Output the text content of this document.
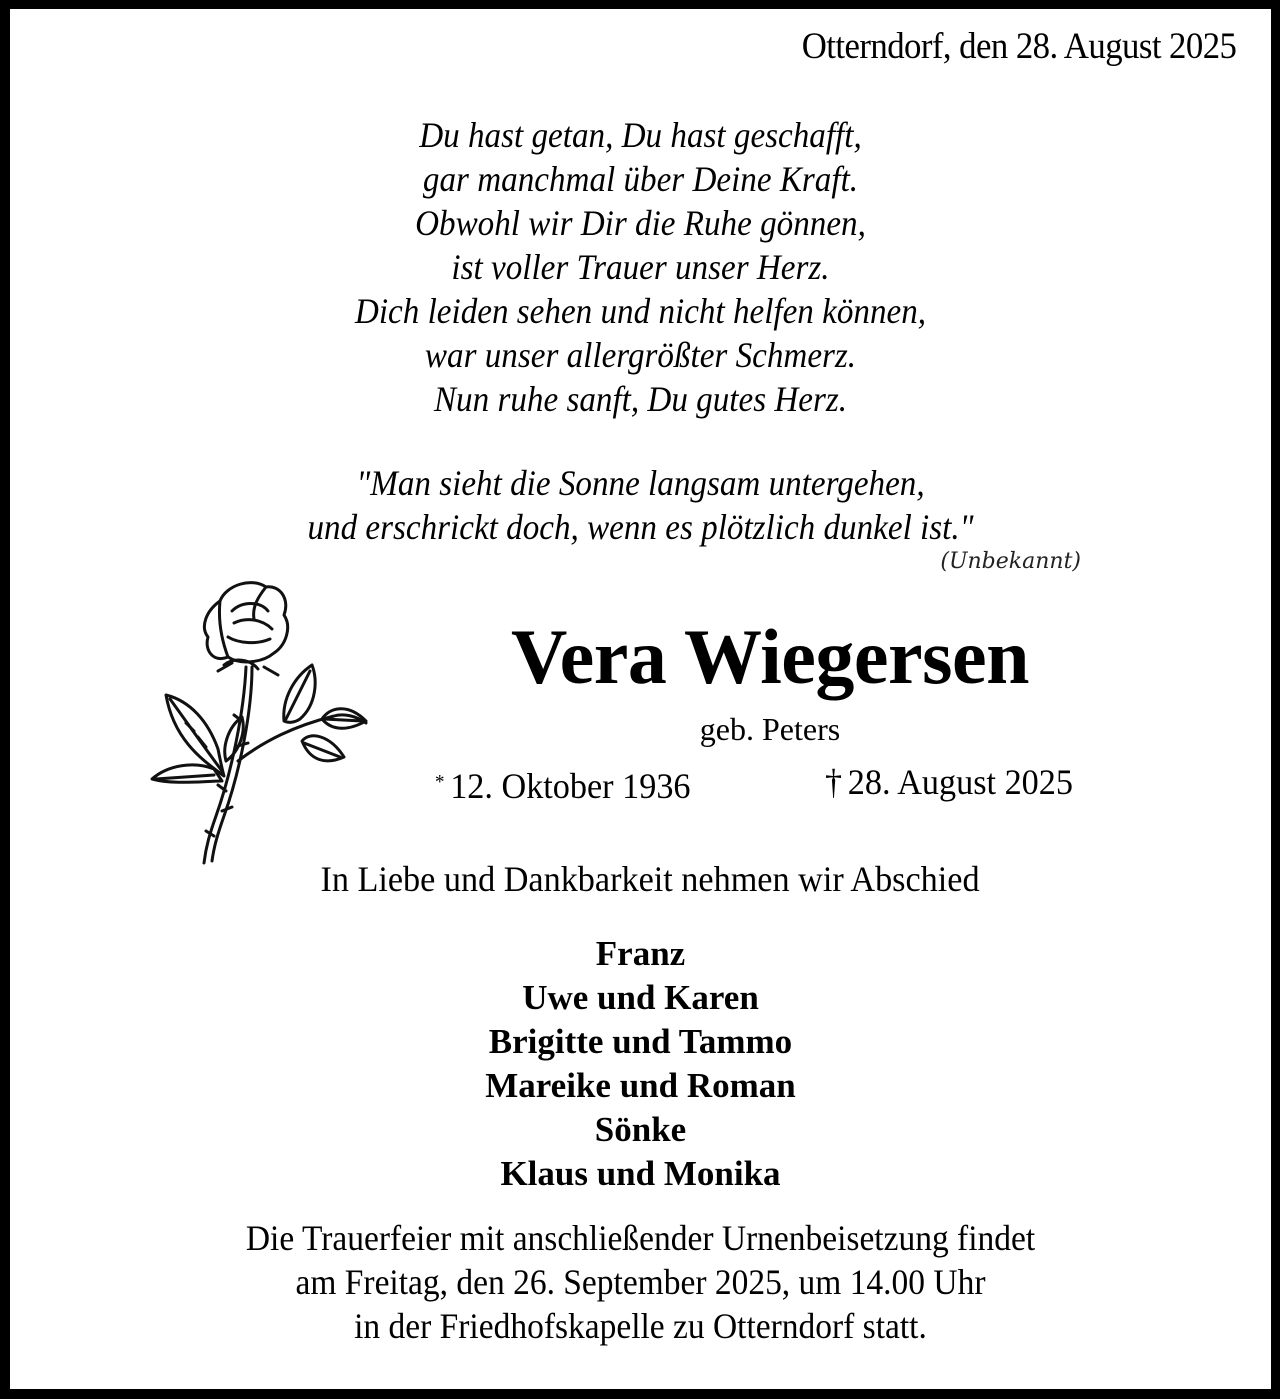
Otterndorf, den 28. August 2025
Du hast getan, Du hast geschafft,
gar manchmal über Deine Kraft.
Obwohl wir Dir die Ruhe gönnen,
ist voller Trauer unser Herz.
Dich leiden sehen und nicht helfen können,
war unser allergrößter Schmerz.
Nun ruhe sanft, Du gutes Herz.
"Man sieht die Sonne langsam untergehen,
und erschrickt doch, wenn es plötzlich dunkel ist."
(Unbekannt)
Vera Wiegersen
geb. Peters
* 12. Oktober 1936	† 28. August 2025
In Liebe und Dankbarkeit nehmen wir Abschied
Franz
Uwe und Karen
Brigitte und Tammo
Mareike und Roman
Sönke
Klaus und Monika
Die Trauerfeier mit anschließender Urnenbeisetzung findet
am Freitag, den 26. September 2025, um 14.00 Uhr
in der Friedhofskapelle zu Otterndorf statt.
